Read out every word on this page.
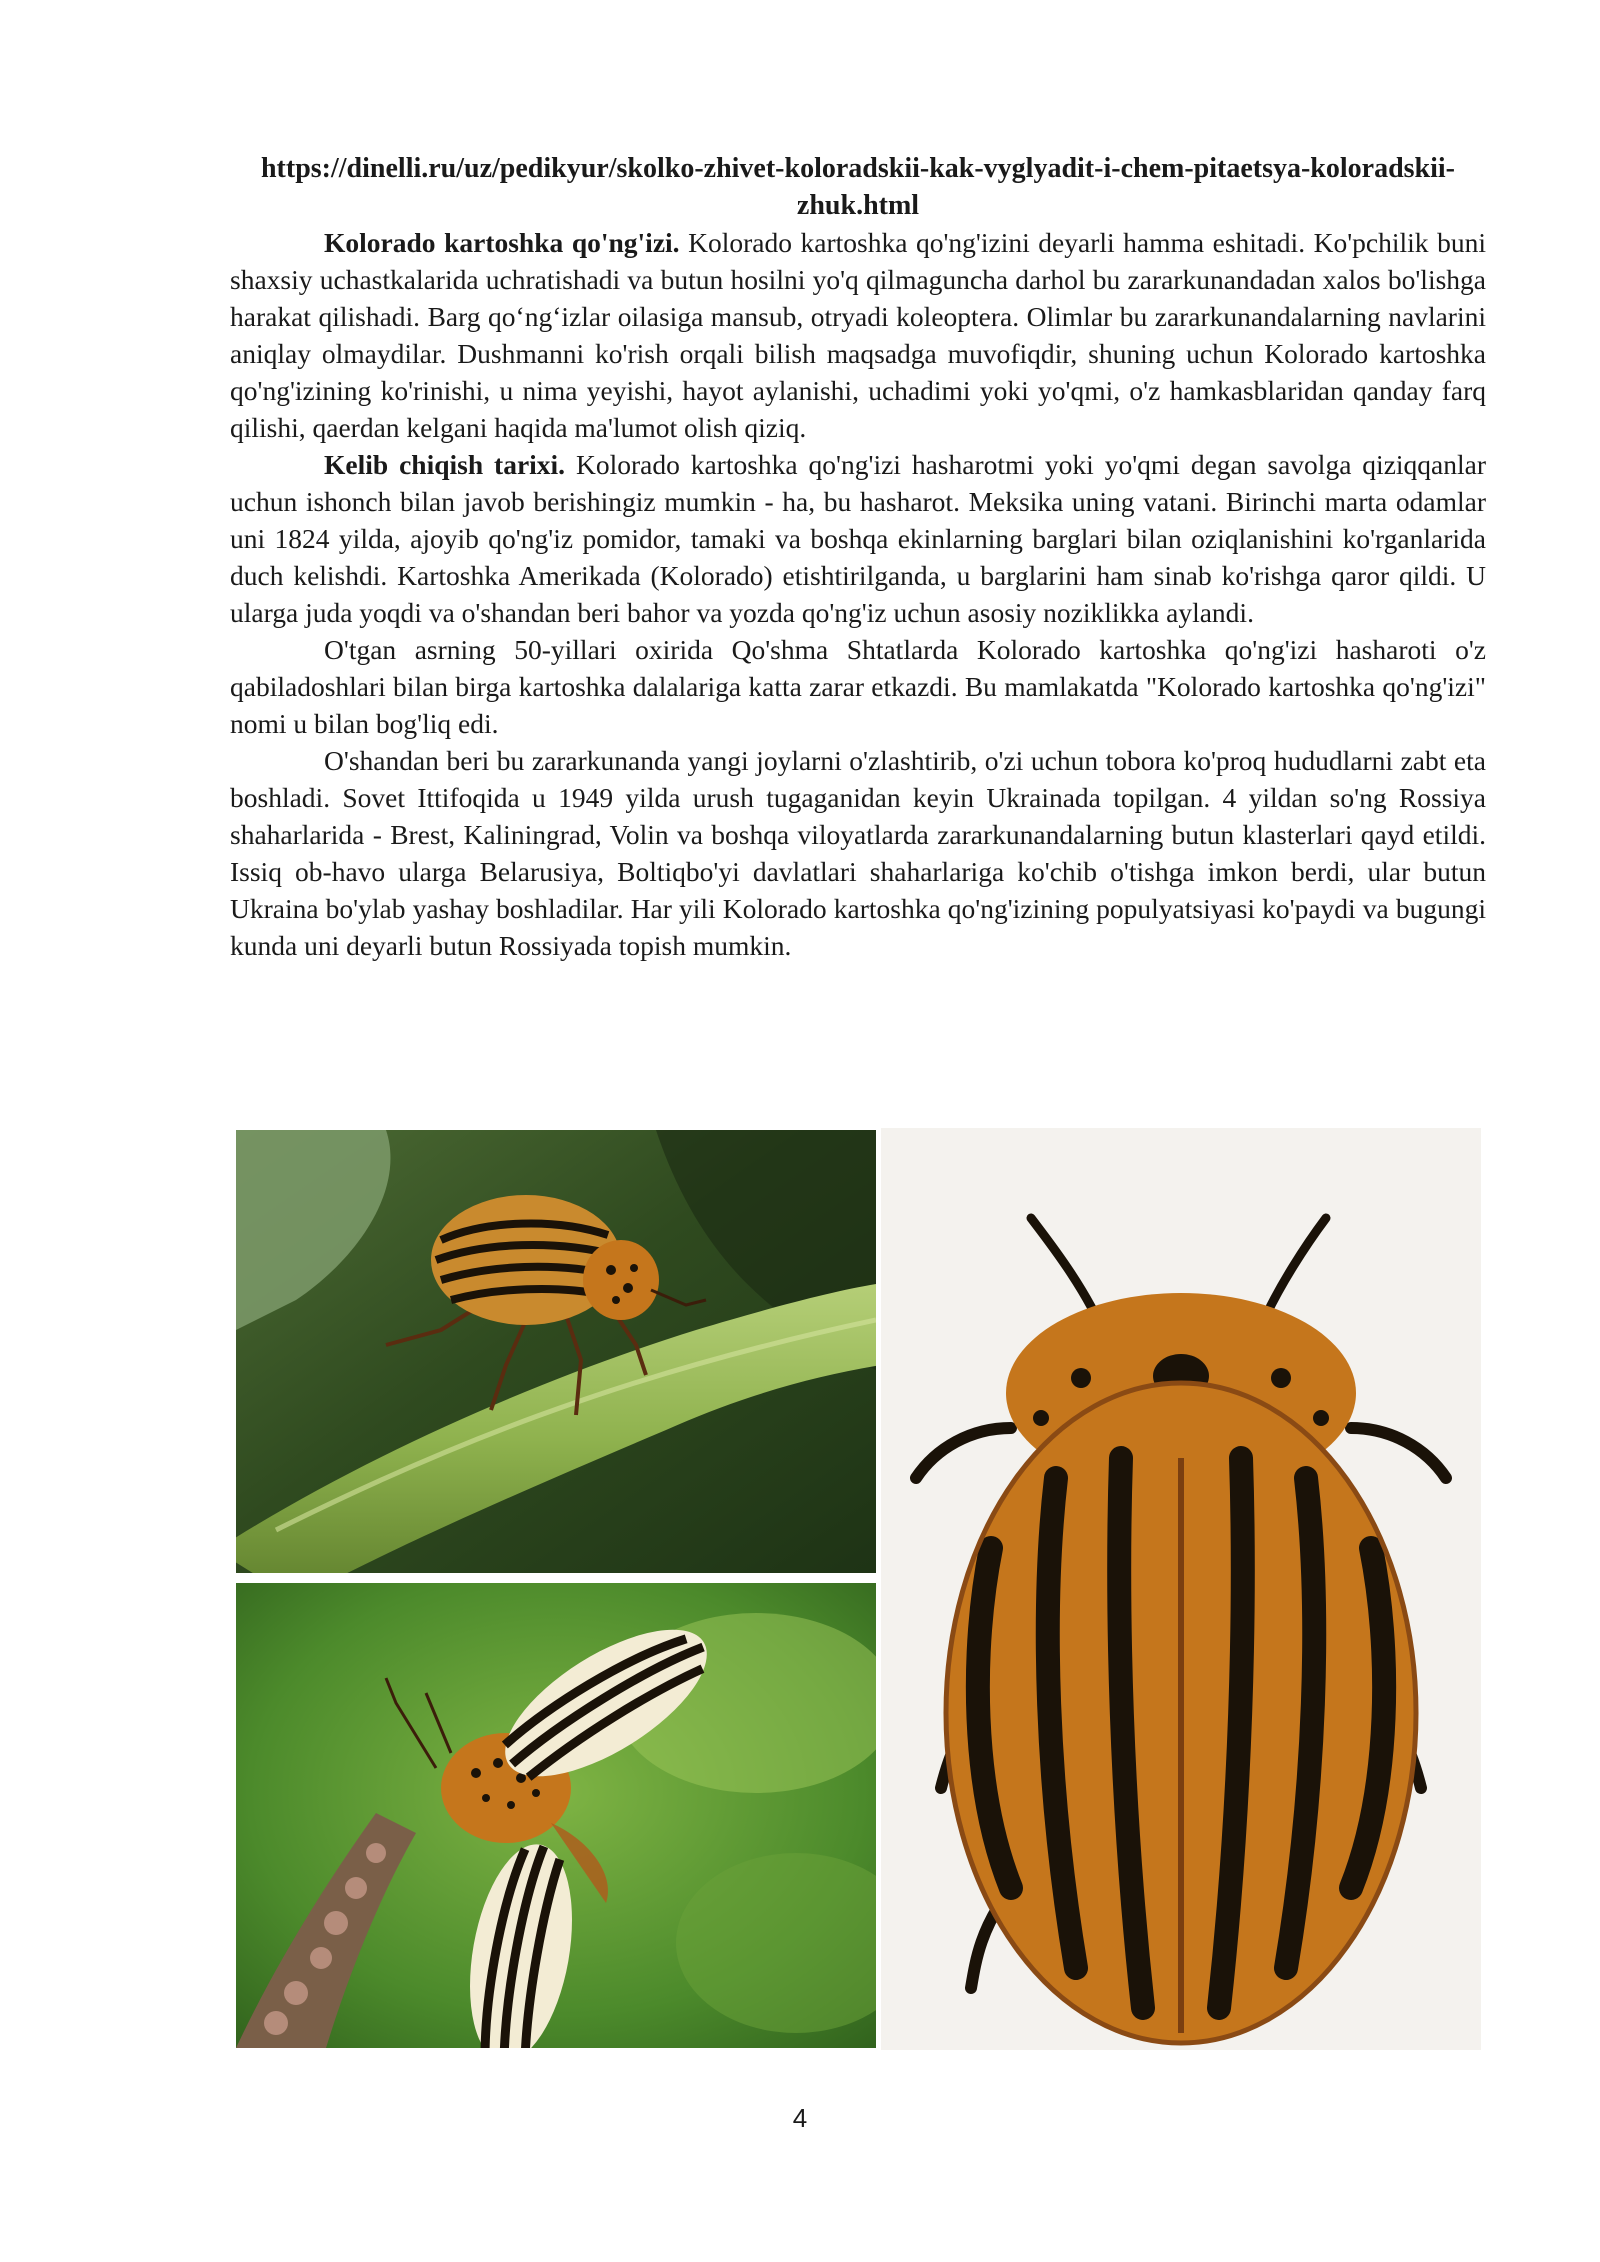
https://dinelli.ru/uz/pedikyur/skolko-zhivet-koloradskii-kak-vyglyadit-i-chem-pitaetsya-koloradskii-zhuk.html

Kolorado kartoshka qo'ng'izi. Kolorado kartoshka qo'ng'izini deyarli hamma eshitadi. Ko'pchilik buni shaxsiy uchastkalarida uchratishadi va butun hosilni yo'q qilmaguncha darhol bu zararkunandadan xalos bo'lishga harakat qilishadi. Barg qo‘ng‘izlar oilasiga mansub, otryadi koleoptera. Olimlar bu zararkunandalarning navlarini aniqlay olmaydilar. Dushmanni ko'rish orqali bilish maqsadga muvofiqdir, shuning uchun Kolorado kartoshka qo'ng'izining ko'rinishi, u nima yeyishi, hayot aylanishi, uchadimi yoki yo'qmi, o'z hamkasblaridan qanday farq qilishi, qaerdan kelgani haqida ma'lumot olish qiziq.

Kelib chiqish tarixi. Kolorado kartoshka qo'ng'izi hasharotmi yoki yo'qmi degan savolga qiziqqanlar uchun ishonch bilan javob berishingiz mumkin - ha, bu hasharot. Meksika uning vatani. Birinchi marta odamlar uni 1824 yilda, ajoyib qo'ng'iz pomidor, tamaki va boshqa ekinlarning barglari bilan oziqlanishini ko'rganlarida duch kelishdi. Kartoshka Amerikada (Kolorado) etishtirilganda, u barglarini ham sinab ko'rishga qaror qildi. U ularga juda yoqdi va o'shandan beri bahor va yozda qo'ng'iz uchun asosiy noziklikka aylandi.

O'tgan asrning 50-yillari oxirida Qo'shma Shtatlarda Kolorado kartoshka qo'ng'izi hasharoti o'z qabiladoshlari bilan birga kartoshka dalalariga katta zarar etkazdi. Bu mamlakatda "Kolorado kartoshka qo'ng'izi" nomi u bilan bog'liq edi.

O'shandan beri bu zararkunanda yangi joylarni o'zlashtirib, o'zi uchun tobora ko'proq hududlarni zabt eta boshladi. Sovet Ittifoqida u 1949 yilda urush tugaganidan keyin Ukrainada topilgan. 4 yildan so'ng Rossiya shaharlarida - Brest, Kaliningrad, Volin va boshqa viloyatlarda zararkunandalarning butun klasterlari qayd etildi. Issiq ob-havo ularga Belarusiya, Boltiqbo'yi davlatlari shaharlariga ko'chib o'tishga imkon berdi, ular butun Ukraina bo'ylab yashay boshladilar. Har yili Kolorado kartoshka qo'ng'izining populyatsiyasi ko'paydi va bugungi kunda uni deyarli butun Rossiyada topish mumkin.

4
